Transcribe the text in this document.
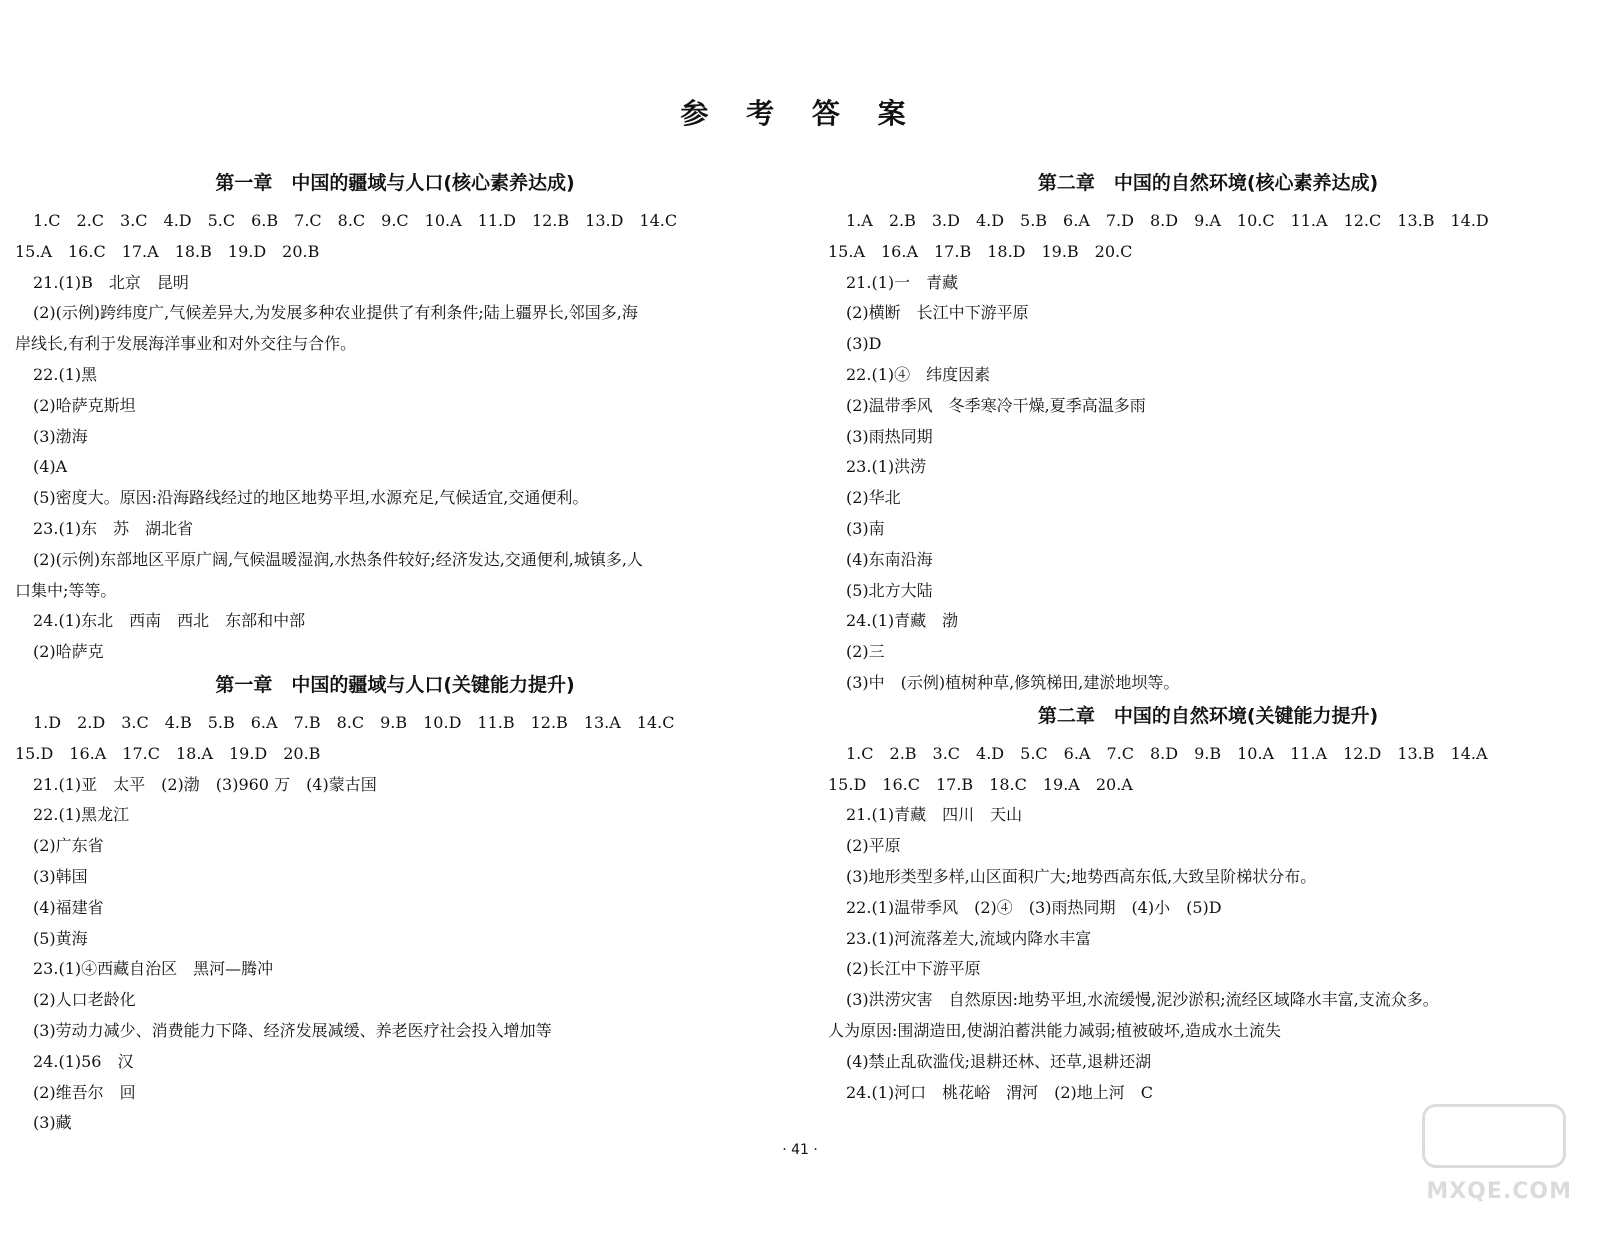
参 考 答 案
第一章　中国的疆域与人口(核心素养达成)
1.C　2.C　3.C　4.D　5.C　6.B　7.C　8.C　9.C　10.A　11.D　12.B　13.D　14.C
15.A　16.C　17.A　18.B　19.D　20.B
21.(1)B　北京　昆明
(2)(示例)跨纬度广,气候差异大,为发展多种农业提供了有利条件;陆上疆界长,邻国多,海
岸线长,有利于发展海洋事业和对外交往与合作。
22.(1)黑
(2)哈萨克斯坦
(3)渤海
(4)A
(5)密度大。原因:沿海路线经过的地区地势平坦,水源充足,气候适宜,交通便利。
23.(1)东　苏　湖北省
(2)(示例)东部地区平原广阔,气候温暖湿润,水热条件较好;经济发达,交通便利,城镇多,人
口集中;等等。
24.(1)东北　西南　西北　东部和中部
(2)哈萨克
第一章　中国的疆域与人口(关键能力提升)
1.D　2.D　3.C　4.B　5.B　6.A　7.B　8.C　9.B　10.D　11.B　12.B　13.A　14.C
15.D　16.A　17.C　18.A　19.D　20.B
21.(1)亚　太平　(2)渤　(3)960 万　(4)蒙古国
22.(1)黑龙江
(2)广东省
(3)韩国
(4)福建省
(5)黄海
23.(1)④西藏自治区　黑河—腾冲
(2)人口老龄化
(3)劳动力减少、消费能力下降、经济发展减缓、养老医疗社会投入增加等
24.(1)56　汉
(2)维吾尔　回
(3)藏
第二章　中国的自然环境(核心素养达成)
1.A　2.B　3.D　4.D　5.B　6.A　7.D　8.D　9.A　10.C　11.A　12.C　13.B　14.D
15.A　16.A　17.B　18.D　19.B　20.C
21.(1)一　青藏
(2)横断　长江中下游平原
(3)D
22.(1)④　纬度因素
(2)温带季风　冬季寒冷干燥,夏季高温多雨
(3)雨热同期
23.(1)洪涝
(2)华北
(3)南
(4)东南沿海
(5)北方大陆
24.(1)青藏　渤
(2)三
(3)中　(示例)植树种草,修筑梯田,建淤地坝等。
第二章　中国的自然环境(关键能力提升)
1.C　2.B　3.C　4.D　5.C　6.A　7.C　8.D　9.B　10.A　11.A　12.D　13.B　14.A
15.D　16.C　17.B　18.C　19.A　20.A
21.(1)青藏　四川　天山
(2)平原
(3)地形类型多样,山区面积广大;地势西高东低,大致呈阶梯状分布。
22.(1)温带季风　(2)④　(3)雨热同期　(4)小　(5)D
23.(1)河流落差大,流域内降水丰富
(2)长江中下游平原
(3)洪涝灾害　自然原因:地势平坦,水流缓慢,泥沙淤积;流经区域降水丰富,支流众多。
人为原因:围湖造田,使湖泊蓄洪能力减弱;植被破坏,造成水土流失
(4)禁止乱砍滥伐;退耕还林、还草,退耕还湖
24.(1)河口　桃花峪　渭河　(2)地上河　C
· 41 ·
MXQE.COM
